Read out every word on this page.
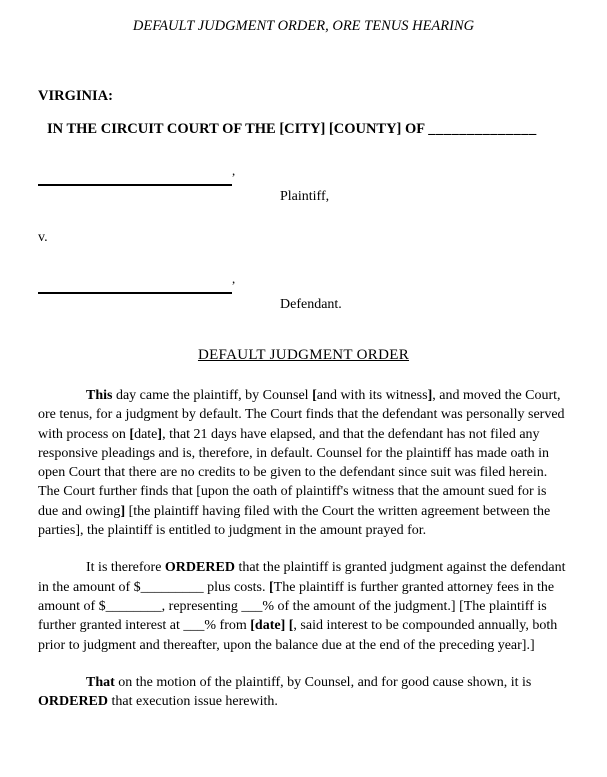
DEFAULT JUDGMENT ORDER, ORE TENUS HEARING
VIRGINIA:
IN THE CIRCUIT COURT OF THE [CITY] [COUNTY] OF ______________
,
Plaintiff,
v.
,
Defendant.
DEFAULT JUDGMENT ORDER

This day came the plaintiff, by Counsel [and with its witness], and moved the Court, ore tenus, for a judgment by default. The Court finds that the defendant was personally served with process on [date], that 21 days have elapsed, and that the defendant has not filed any responsive pleadings and is, therefore, in default. Counsel for the plaintiff has made oath in open Court that there are no credits to be given to the defendant since suit was filed herein. The Court further finds that [upon the oath of plaintiff's witness that the amount sued for is due and owing] [the plaintiff having filed with the Court the written agreement between the parties], the plaintiff is entitled to judgment in the amount prayed for.

It is therefore ORDERED that the plaintiff is granted judgment against the defendant in the amount of $_________ plus costs. [The plaintiff is further granted attorney fees in the amount of $________, representing ___% of the amount of the judgment.] [The plaintiff is further granted interest at ___% from [date] [, said interest to be compounded annually, both prior to judgment and thereafter, upon the balance due at the end of the preceding year].]

That on the motion of the plaintiff, by Counsel, and for good cause shown, it is ORDERED that execution issue herewith.
